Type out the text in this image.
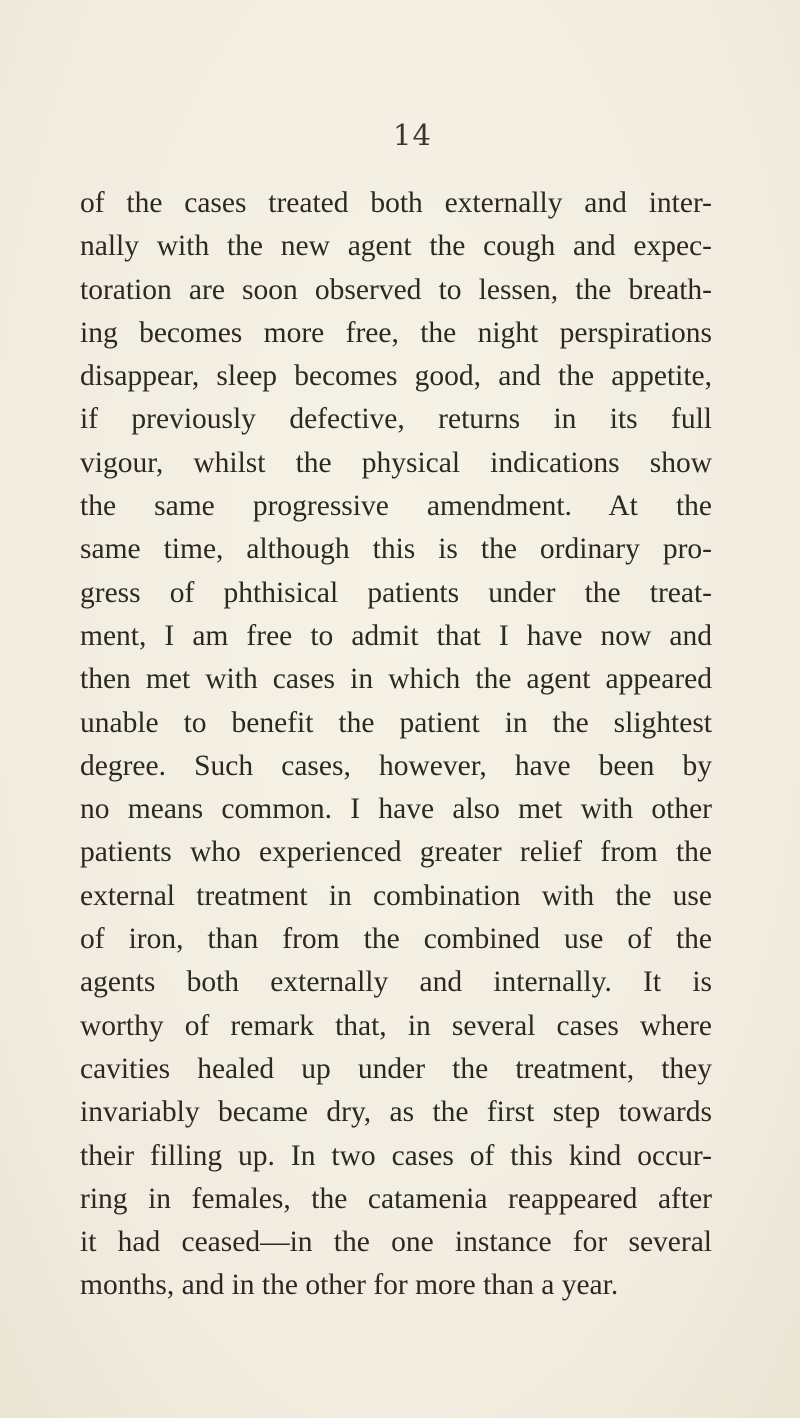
14
of the cases treated both externally and inter-
nally with the new agent the cough and expec-
toration are soon observed to lessen, the breath-
ing becomes more free, the night perspirations
disappear, sleep becomes good, and the appetite,
if previously defective, returns in its full
vigour, whilst the physical indications show
the same progressive amendment. At the
same time, although this is the ordinary pro-
gress of phthisical patients under the treat-
ment, I am free to admit that I have now and
then met with cases in which the agent appeared
unable to benefit the patient in the slightest
degree. Such cases, however, have been by
no means common. I have also met with other
patients who experienced greater relief from the
external treatment in combination with the use
of iron, than from the combined use of the
agents both externally and internally. It is
worthy of remark that, in several cases where
cavities healed up under the treatment, they
invariably became dry, as the first step towards
their filling up. In two cases of this kind occur-
ring in females, the catamenia reappeared after
it had ceased—in the one instance for several
months, and in the other for more than a year.
